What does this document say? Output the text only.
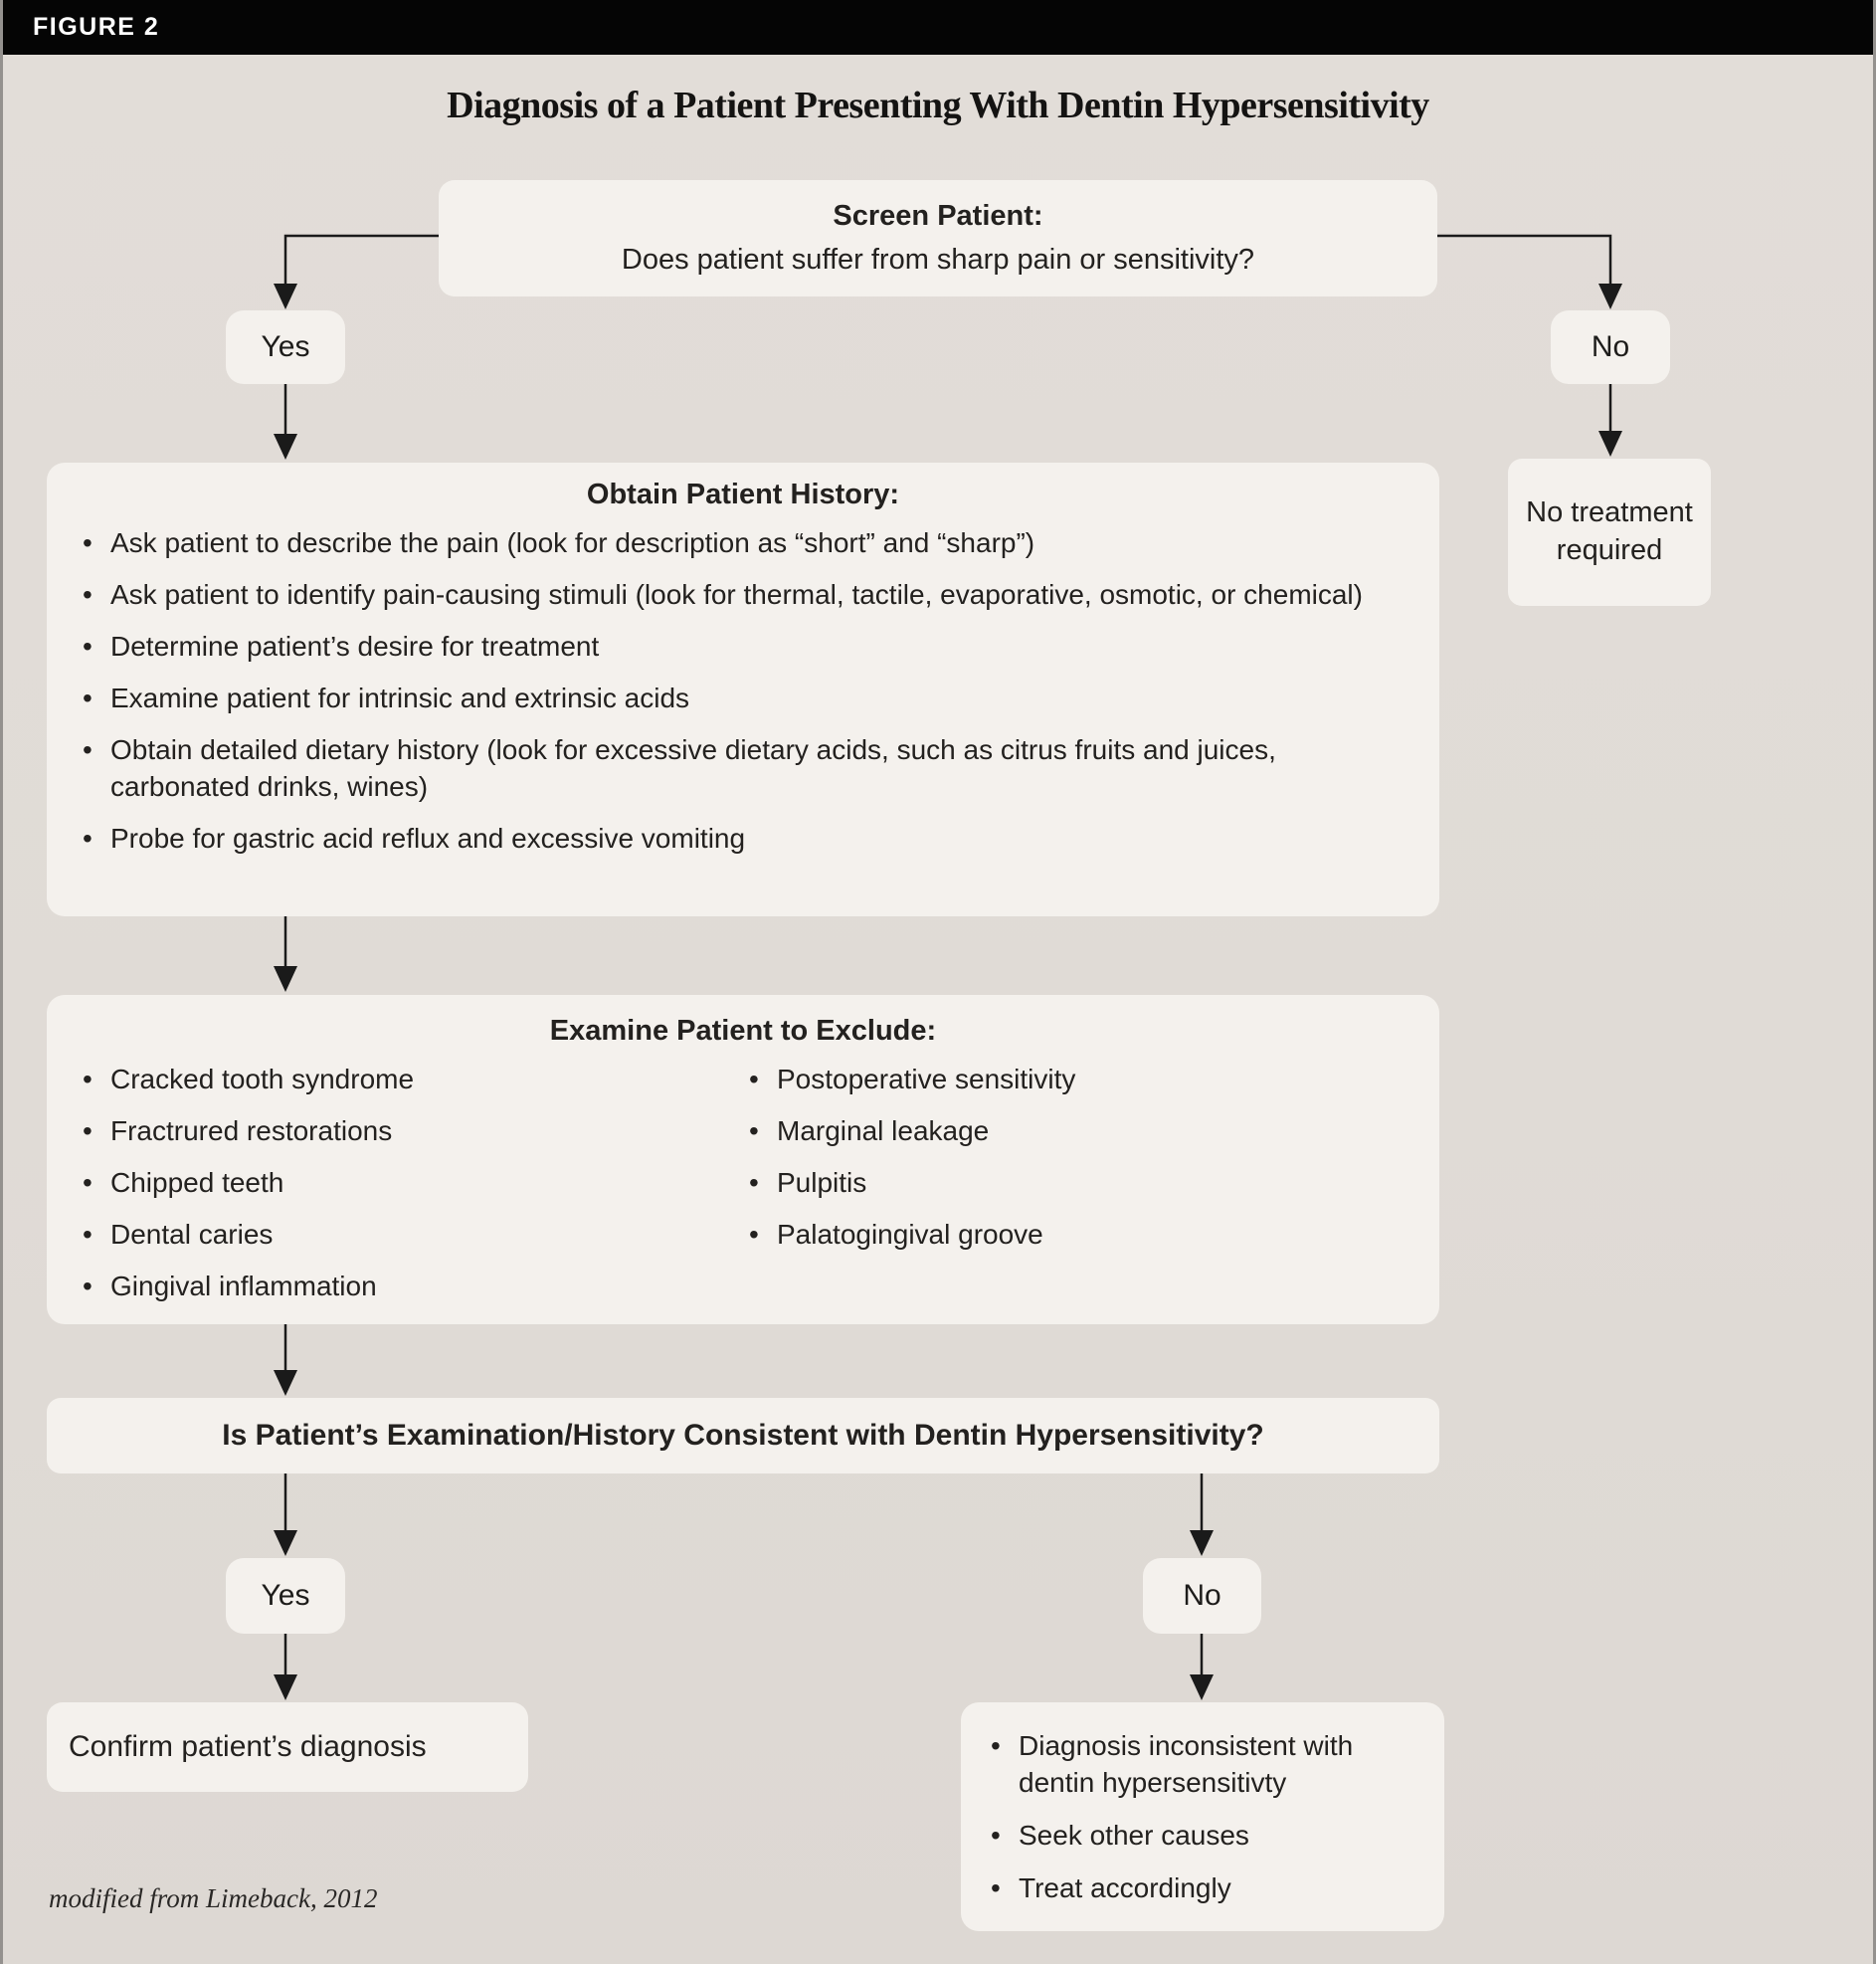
FIGURE 2
Diagnosis of a Patient Presenting With Dentin Hypersensitivity
Screen Patient:
Does patient suffer from sharp pain or sensitivity?
Yes	No
No treatment required
Obtain Patient History:
• Ask patient to describe the pain (look for description as “short” and “sharp”)
• Ask patient to identify pain-causing stimuli (look for thermal, tactile, evaporative, osmotic, or chemical)
• Determine patient’s desire for treatment
• Examine patient for intrinsic and extrinsic acids
• Obtain detailed dietary history (look for excessive dietary acids, such as citrus fruits and juices, carbonated drinks, wines)
• Probe for gastric acid reflux and excessive vomiting
Examine Patient to Exclude:
• Cracked tooth syndrome
• Fractrured restorations
• Chipped teeth
• Dental caries
• Gingival inflammation
• Postoperative sensitivity
• Marginal leakage
• Pulpitis
• Palatogingival groove
Is Patient’s Examination/History Consistent with Dentin Hypersensitivity?
Yes	No
Confirm patient’s diagnosis	• Diagnosis inconsistent with dentin hypersensitivty
• Seek other causes
• Treat accordingly
modified from Limeback, 2012
